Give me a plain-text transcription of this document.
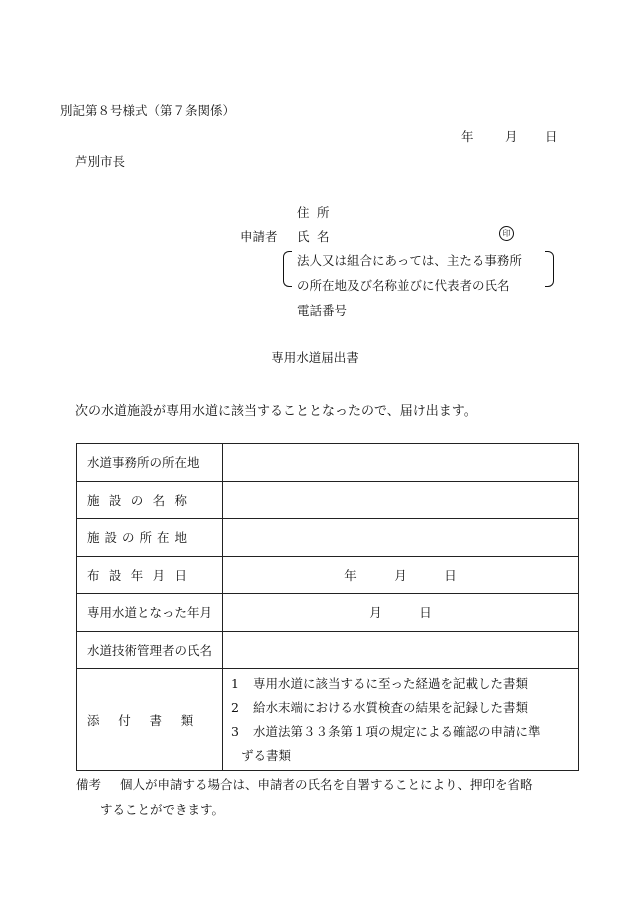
別記第８号様式（第７条関係）
年	月 日
芦別市長
住所
申請者 氏名	印
法人又は組合にあっては、主たる事務所
の所在地及び名称並びに代表者の氏名
電話番号
専用水道届出書
次の水道施設が専用水道に該当することとなったので、届け出ます。
水道事務所の所在地	
施設の名称	
施設の所在地	
布設年月日	年　　　月　　　日
専用水道となった年月	月　　　日
水道技術管理者の氏名	
添付書類	1 専用水道に該当するに至った経過を記載した書類
2 給水末端における水質検査の結果を記録した書類
3 水道法第３３条第１項の規定による確認の申請に準
ずる書類
備考 個人が申請する場合は、申請者の氏名を自署することにより、押印を省略
することができます。
